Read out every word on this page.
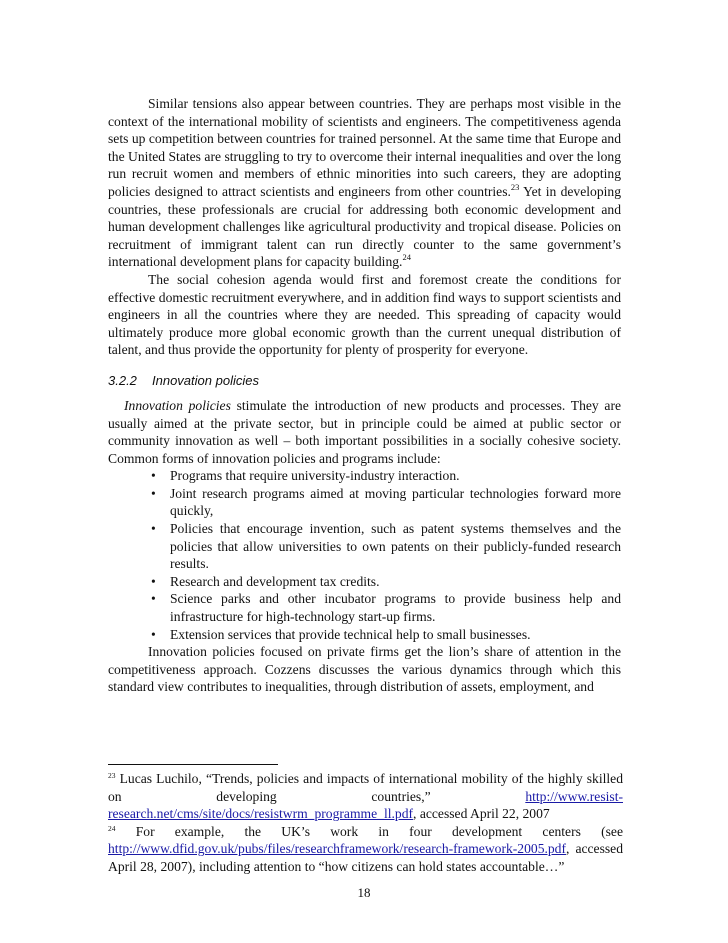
Similar tensions also appear between countries. They are perhaps most visible in the context of the international mobility of scientists and engineers. The competitiveness agenda sets up competition between countries for trained personnel. At the same time that Europe and the United States are struggling to try to overcome their internal inequalities and over the long run recruit women and members of ethnic minorities into such careers, they are adopting policies designed to attract scientists and engineers from other countries.$^{23}$ Yet in developing countries, these professionals are crucial for addressing both economic development and human development challenges like agricultural productivity and tropical disease. Policies on recruitment of immigrant talent can run directly counter to the same government’s international development plans for capacity building.$^{24}$

The social cohesion agenda would first and foremost create the conditions for effective domestic recruitment everywhere, and in addition find ways to support scientists and engineers in all the countries where they are needed. This spreading of capacity would ultimately produce more global economic growth than the current unequal distribution of talent, and thus provide the opportunity for plenty of prosperity for everyone.

3.2.2 Innovation policies

Innovation policies stimulate the introduction of new products and processes. They are usually aimed at the private sector, but in principle could be aimed at public sector or community innovation as well – both important possibilities in a socially cohesive society. Common forms of innovation policies and programs include:

• Programs that require university-industry interaction.
• Joint research programs aimed at moving particular technologies forward more quickly,
• Policies that encourage invention, such as patent systems themselves and the policies that allow universities to own patents on their publicly-funded research results.
• Research and development tax credits.
• Science parks and other incubator programs to provide business help and infrastructure for high-technology start-up firms.
• Extension services that provide technical help to small businesses.

Innovation policies focused on private firms get the lion’s share of attention in the competitiveness approach. Cozzens discusses the various dynamics through which this standard view contributes to inequalities, through distribution of assets, employment, and

$^{23}$ Lucas Luchilo, “Trends, policies and impacts of international mobility of the highly skilled on developing countries,” http://www.resist-research.net/cms/site/docs/resistwrm_programme_ll.pdf, accessed April 22, 2007

$^{24}$ For example, the UK’s work in four development centers (see http://www.dfid.gov.uk/pubs/files/researchframework/research-framework-2005.pdf, accessed April 28, 2007), including attention to “how citizens can hold states accountable…”

18
